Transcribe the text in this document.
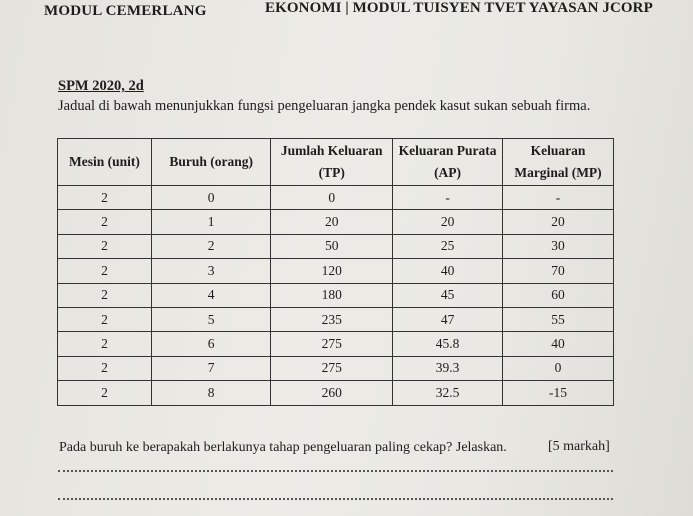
MODUL CEMERLANG	EKONOMI | MODUL TUISYEN TVET YAYASAN JCORP
SPM 2020, 2d
Jadual di bawah menunjukkan fungsi pengeluaran jangka pendek kasut sukan sebuah firma.
Mesin (unit)	Buruh (orang)	Jumlah Keluaran (TP)	Keluaran Purata (AP)	Keluaran Marginal (MP)
2	0	0	-	-
2	1	20	20	20
2	2	50	25	30
2	3	120	40	70
2	4	180	45	60
2	5	235	47	55
2	6	275	45.8	40
2	7	275	39.3	0
2	8	260	32.5	-15
Pada buruh ke berapakah berlakunya tahap pengeluaran paling cekap? Jelaskan.	[5 markah]
